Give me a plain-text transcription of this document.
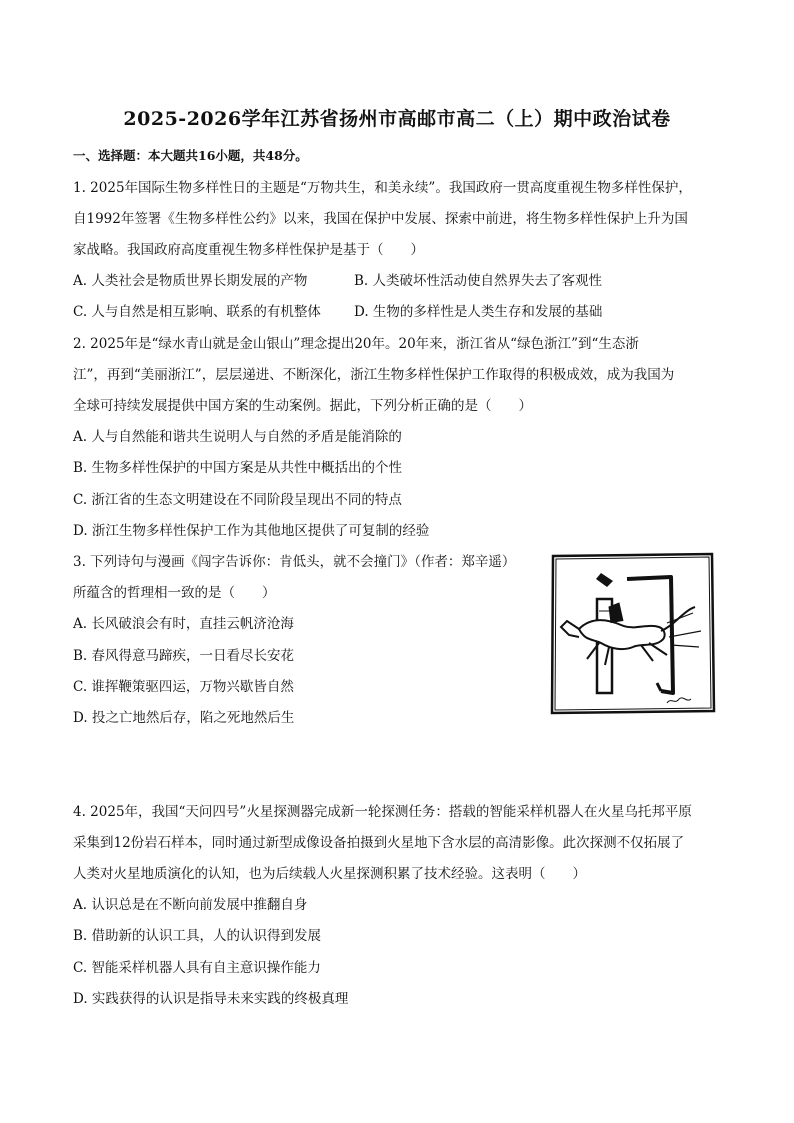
2025-2026学年江苏省扬州市高邮市高二（上）期中政治试卷
一、选择题：本大题共16小题，共48分。
1. 2025年国际生物多样性日的主题是“万物共生，和美永续”。我国政府一贯高度重视生物多样性保护，
自1992年签署《生物多样性公约》以来，我国在保护中发展、探索中前进，将生物多样性保护上升为国
家战略。我国政府高度重视生物多样性保护是基于（　　）
A. 人类社会是物质世界长期发展的产物	B. 人类破坏性活动使自然界失去了客观性
C. 人与自然是相互影响、联系的有机整体 D. 生物的多样性是人类生存和发展的基础
2. 2025年是“绿水青山就是金山银山”理念提出20年。20年来，浙江省从“绿色浙江”到“生态浙
江”，再到“美丽浙江”，层层递进、不断深化，浙江生物多样性保护工作取得的积极成效，成为我国为
全球可持续发展提供中国方案的生动案例。据此，下列分析正确的是（　　）
A. 人与自然能和谐共生说明人与自然的矛盾是能消除的
B. 生物多样性保护的中国方案是从共性中概括出的个性
C. 浙江省的生态文明建设在不同阶段呈现出不同的特点
D. 浙江生物多样性保护工作为其他地区提供了可复制的经验
3. 下列诗句与漫画《闯字告诉你：肯低头，就不会撞门》（作者：郑辛遥）
所蕴含的哲理相一致的是（　　）
A. 长风破浪会有时，直挂云帆济沧海
B. 春风得意马蹄疾，一日看尽长安花
C. 谁挥鞭策驱四运，万物兴歇皆自然
D. 投之亡地然后存，陷之死地然后生
4. 2025年，我国“天问四号”火星探测器完成新一轮探测任务：搭载的智能采样机器人在火星乌托邦平原
采集到12份岩石样本，同时通过新型成像设备拍摄到火星地下含水层的高清影像。此次探测不仅拓展了
人类对火星地质演化的认知，也为后续载人火星探测积累了技术经验。这表明（　　）
A. 认识总是在不断向前发展中推翻自身
B. 借助新的认识工具，人的认识得到发展
C. 智能采样机器人具有自主意识操作能力
D. 实践获得的认识是指导未来实践的终极真理
